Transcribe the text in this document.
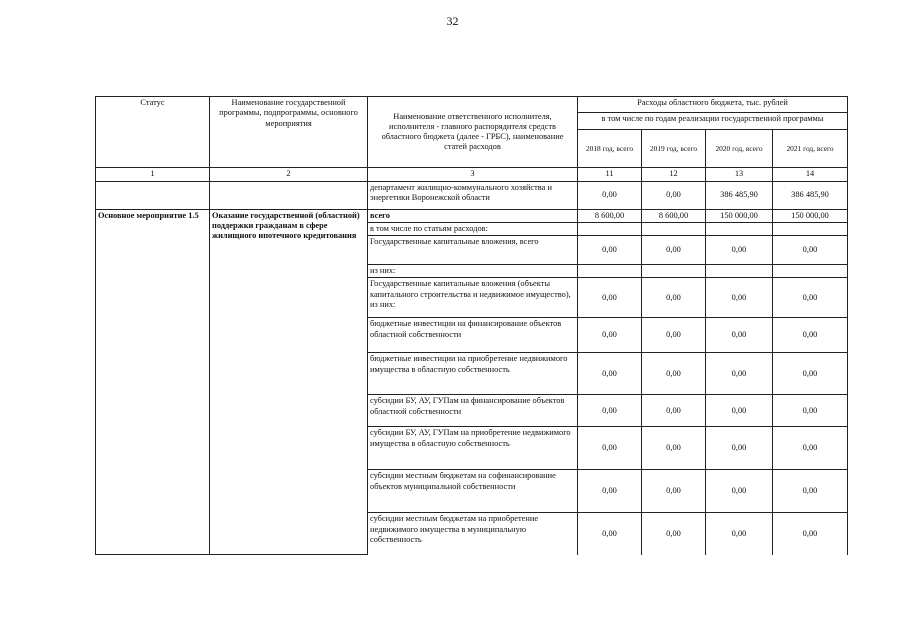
32
Статус	Наименование государственной программы, подпрограммы, основного мероприятия	Наименование ответственного исполнителя, исполнителя - главного распорядителя средств областного бюджета (далее - ГРБС), наименование статей расходов	Расходы областного бюджета, тыс. рублей			
			в том числе по годам реализации государственной программы			
			2018 год, всего	2019 год, всего	2020 год, всего	2021 год, всего
1	2	3	11	12	13	14
		департамент жилищно-коммунального хозяйства и энергетики Воронежской области	0,00	0,00	386 485,90	386 485,90
Основное мероприятие 1.5	Оказание государственной (областной) поддержки гражданам в сфере жилищного ипотечного кредитования	всего	8 600,00	8 600,00	150 000,00	150 000,00
		в том числе по статьям расходов:				
		Государственные капитальные вложения, всего	0,00	0,00	0,00	0,00
		из них:				
		Государственные капитальные вложения (объекты капитального строительства и недвижимое имущество), из них:	0,00	0,00	0,00	0,00
		бюджетные инвестиции на финансирование объектов областной собственности	0,00	0,00	0,00	0,00
		бюджетные инвестиции на приобретение недвижимого имущества в областную собственность	0,00	0,00	0,00	0,00
		субсидии БУ, АУ, ГУПам на финансирование объектов областной собственности	0,00	0,00	0,00	0,00
		субсидии БУ, АУ, ГУПам на приобретение недвижимого имущества в областную собственность	0,00	0,00	0,00	0,00
		субсидии местным бюджетам на софинансирование объектов муниципальной собственности	0,00	0,00	0,00	0,00
		субсидии местным бюджетам на приобретение недвижимого имущества в муниципальную собственность	0,00	0,00	0,00	0,00
